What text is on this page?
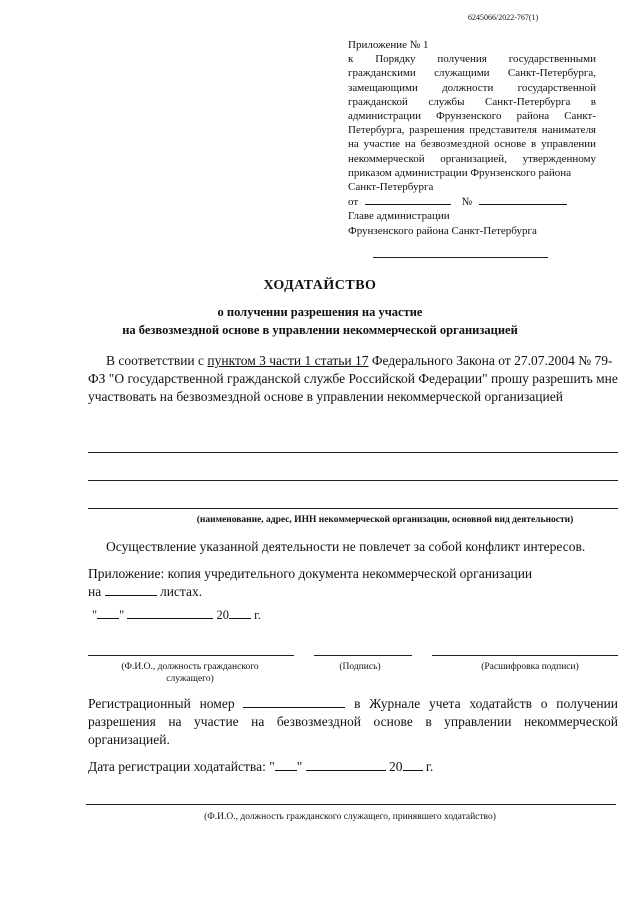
6245066/2022-767(1)
Приложение № 1
к Порядку получения государственными гражданскими служащими Санкт-Петербурга, замещающими должности государственной гражданской службы Санкт-Петербурга в администрации Фрунзенского района Санкт-Петербурга, разрешения представителя нанимателя на участие на безвозмездной основе в управлении некоммерческой организацией, утвержденному приказом администрации Фрунзенского района
Санкт-Петербурга
от	№
Главе администрации
Фрунзенского района Санкт-Петербурга
ХОДАТАЙСТВО
о получении разрешения на участие
на безвозмездной основе в управлении некоммерческой организацией
В соответствии с пунктом 3 части 1 статьи 17 Федерального Закона от 27.07.2004 № 79-ФЗ "О государственной гражданской службе Российской Федерации" прошу разрешить мне участвовать на безвозмездной основе в управлении некоммерческой организацией
(наименование, адрес, ИНН некоммерческой организации, основной вид деятельности)
Осуществление указанной деятельности не повлечет за собой конфликт интересов.
Приложение: копия учредительного документа некоммерческой организации
на	листах.
" "	20 г.
(Ф.И.О., должность гражданского служащего)
(Подпись)	(Расшифровка подписи)
Регистрационный номер	в Журнале учета ходатайств о получении разрешения на участие на безвозмездной основе в управлении некоммерческой организацией.
Дата регистрации ходатайства: " "	20 г.
(Ф.И.О., должность гражданского служащего, принявшего ходатайство)
